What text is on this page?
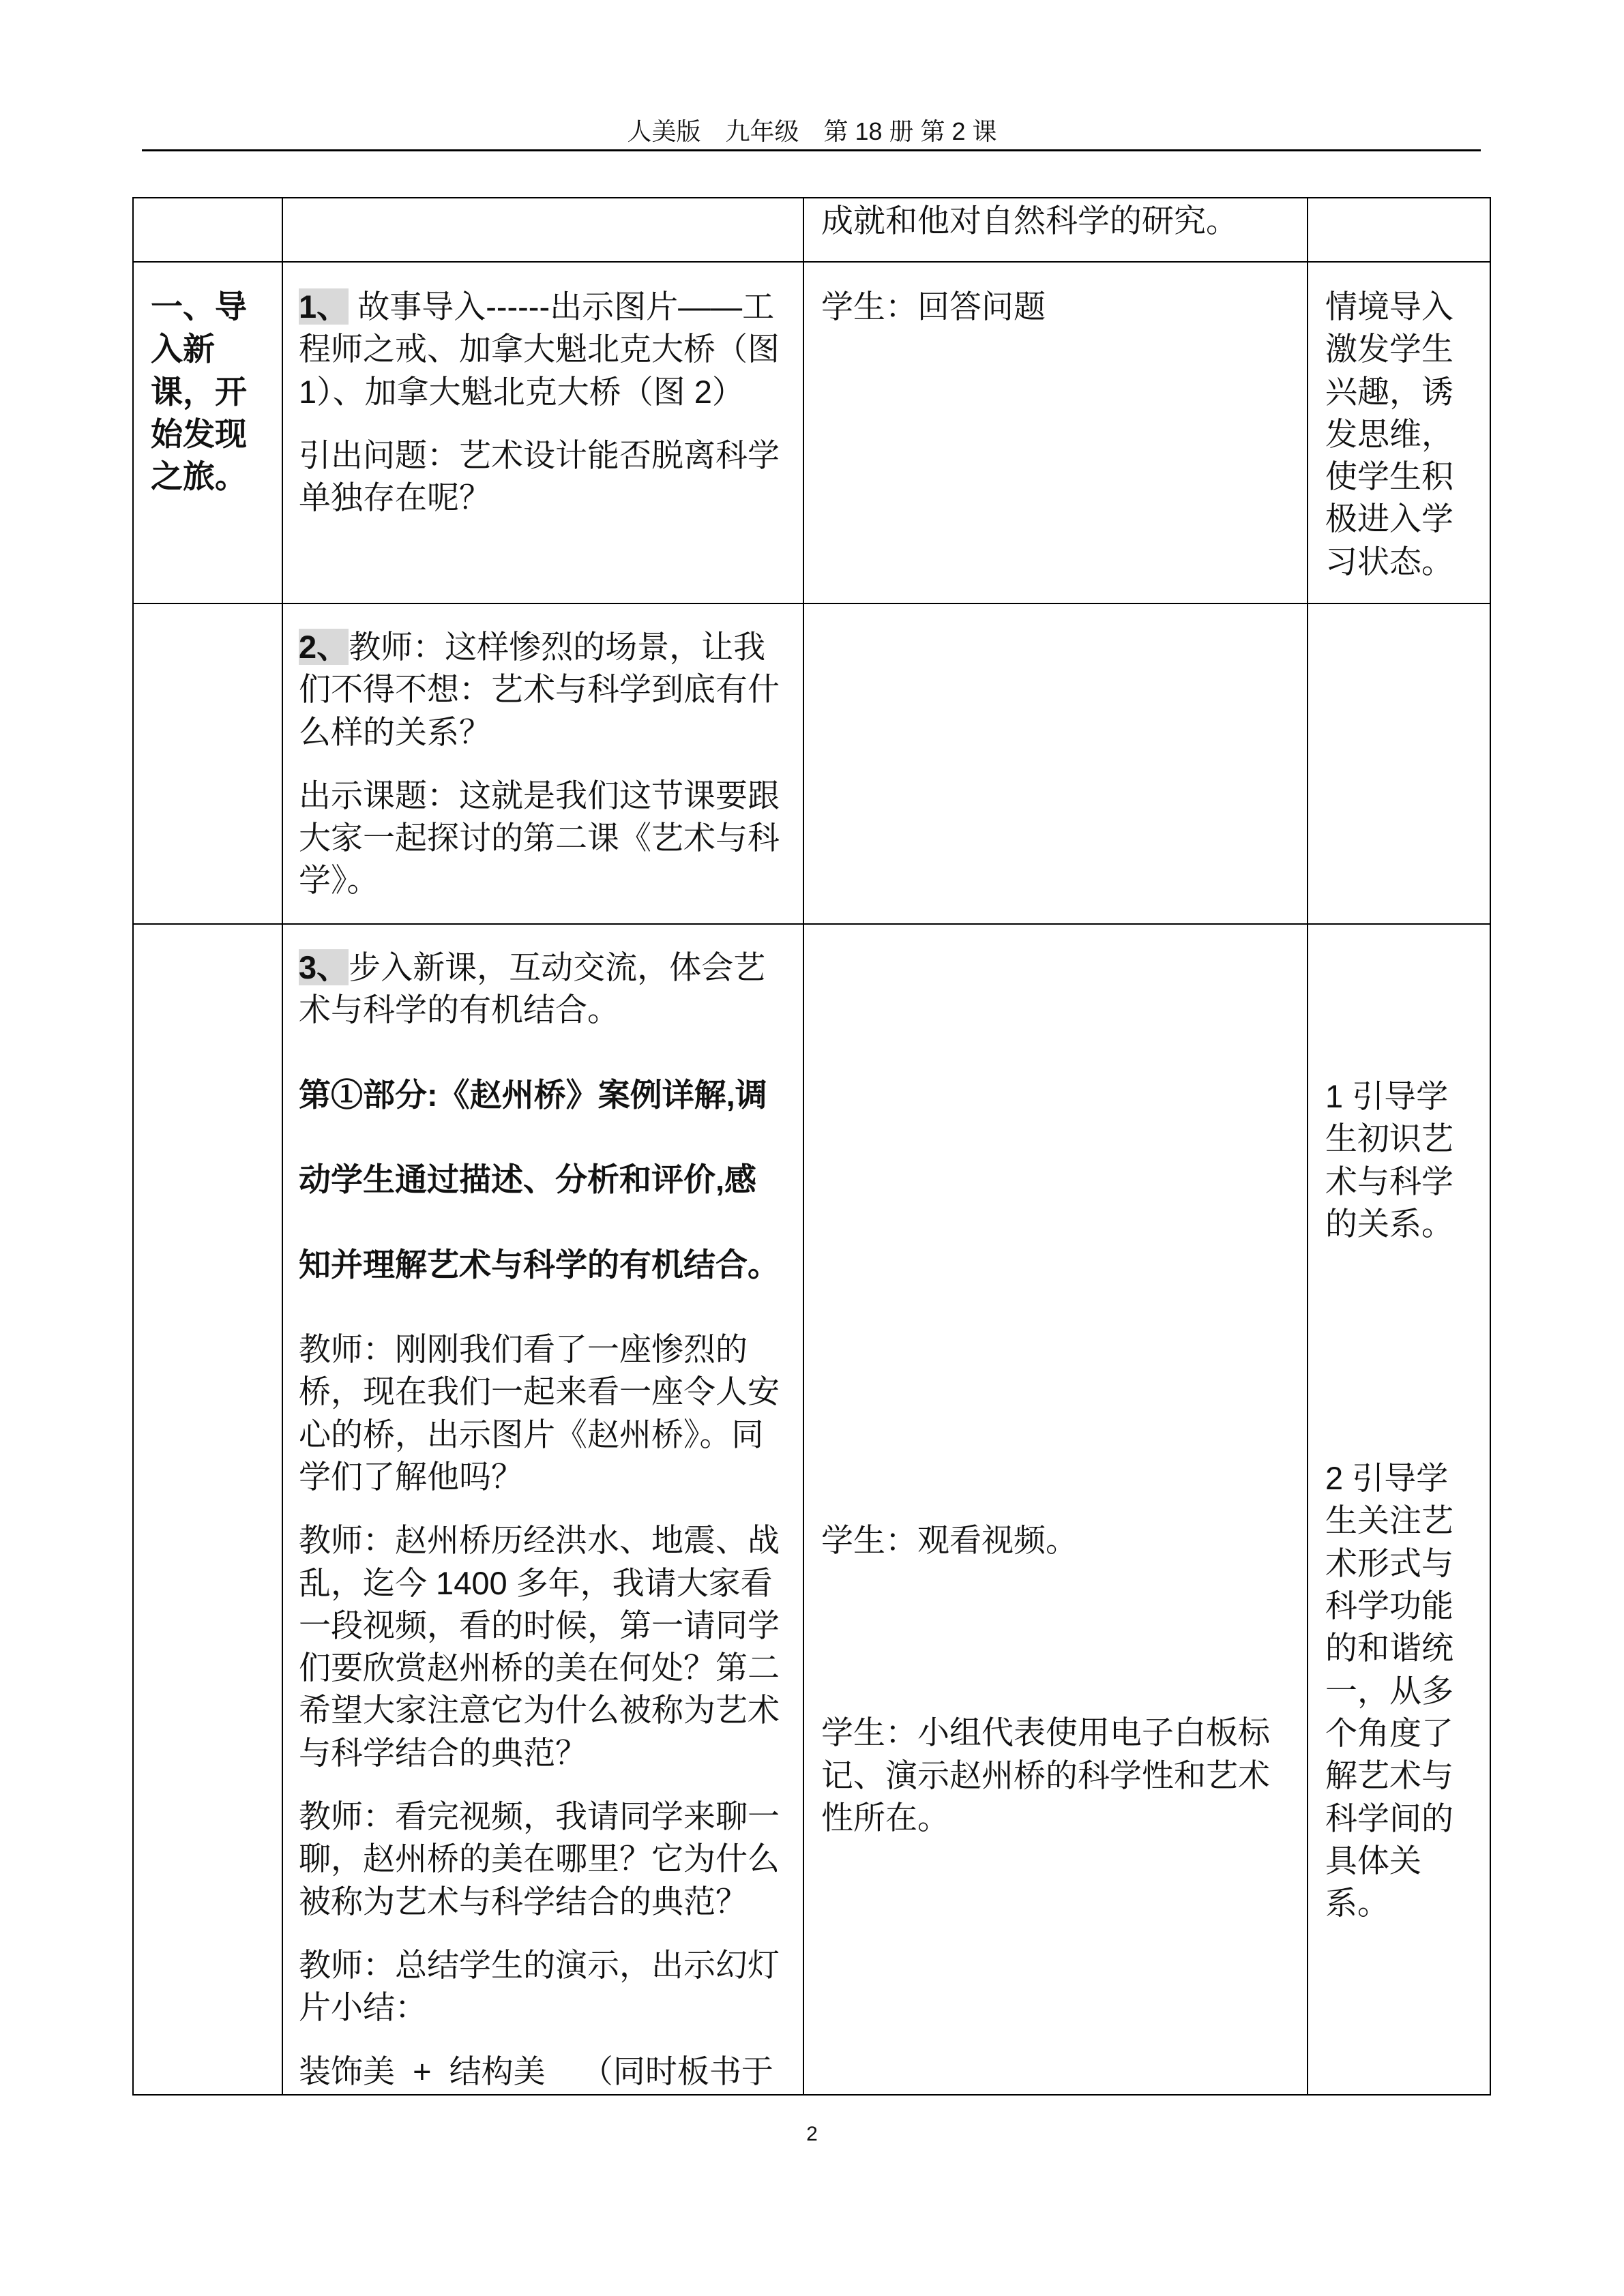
人美版　九年级　第 18 册 第 2 课

成就和他对自然科学的研究。

一、导入新课，开始发现之旅。

1、 故事导入------出示图片——工程师之戒、加拿大魁北克大桥（图 1）、加拿大魁北克大桥（图 2）

引出问题：艺术设计能否脱离科学单独存在呢？

学生：回答问题	情境导入激发学生兴趣，诱发思维，使学生积极进入学习状态。

2、教师：这样惨烈的场景，让我们不得不想：艺术与科学到底有什么样的关系？

出示课题：这就是我们这节课要跟大家一起探讨的第二课《艺术与科学》。

3、步入新课，互动交流，体会艺术与科学的有机结合。

第①部分:《赵州桥》案例详解,调动学生通过描述、分析和评价,感知并理解艺术与科学的有机结合。

教师：刚刚我们看了一座惨烈的桥，现在我们一起来看一座令人安心的桥，出示图片《赵州桥》。同学们了解他吗？

教师：赵州桥历经洪水、地震、战乱，迄今 1400 多年，我请大家看一段视频，看的时候，第一请同学们要欣赏赵州桥的美在何处？第二希望大家注意它为什么被称为艺术与科学结合的典范？

教师：看完视频，我请同学来聊一聊，赵州桥的美在哪里？它为什么被称为艺术与科学结合的典范？

教师：总结学生的演示，出示幻灯片小结：

装饰美  +  结构美    （同时板书于

学生：观看视频。

学生：小组代表使用电子白板标记、演示赵州桥的科学性和艺术性所在。

1 引导学生初识艺术与科学的关系。

2 引导学生关注艺术形式与科学功能的和谐统一，从多个角度了解艺术与科学间的具体关系。

2
